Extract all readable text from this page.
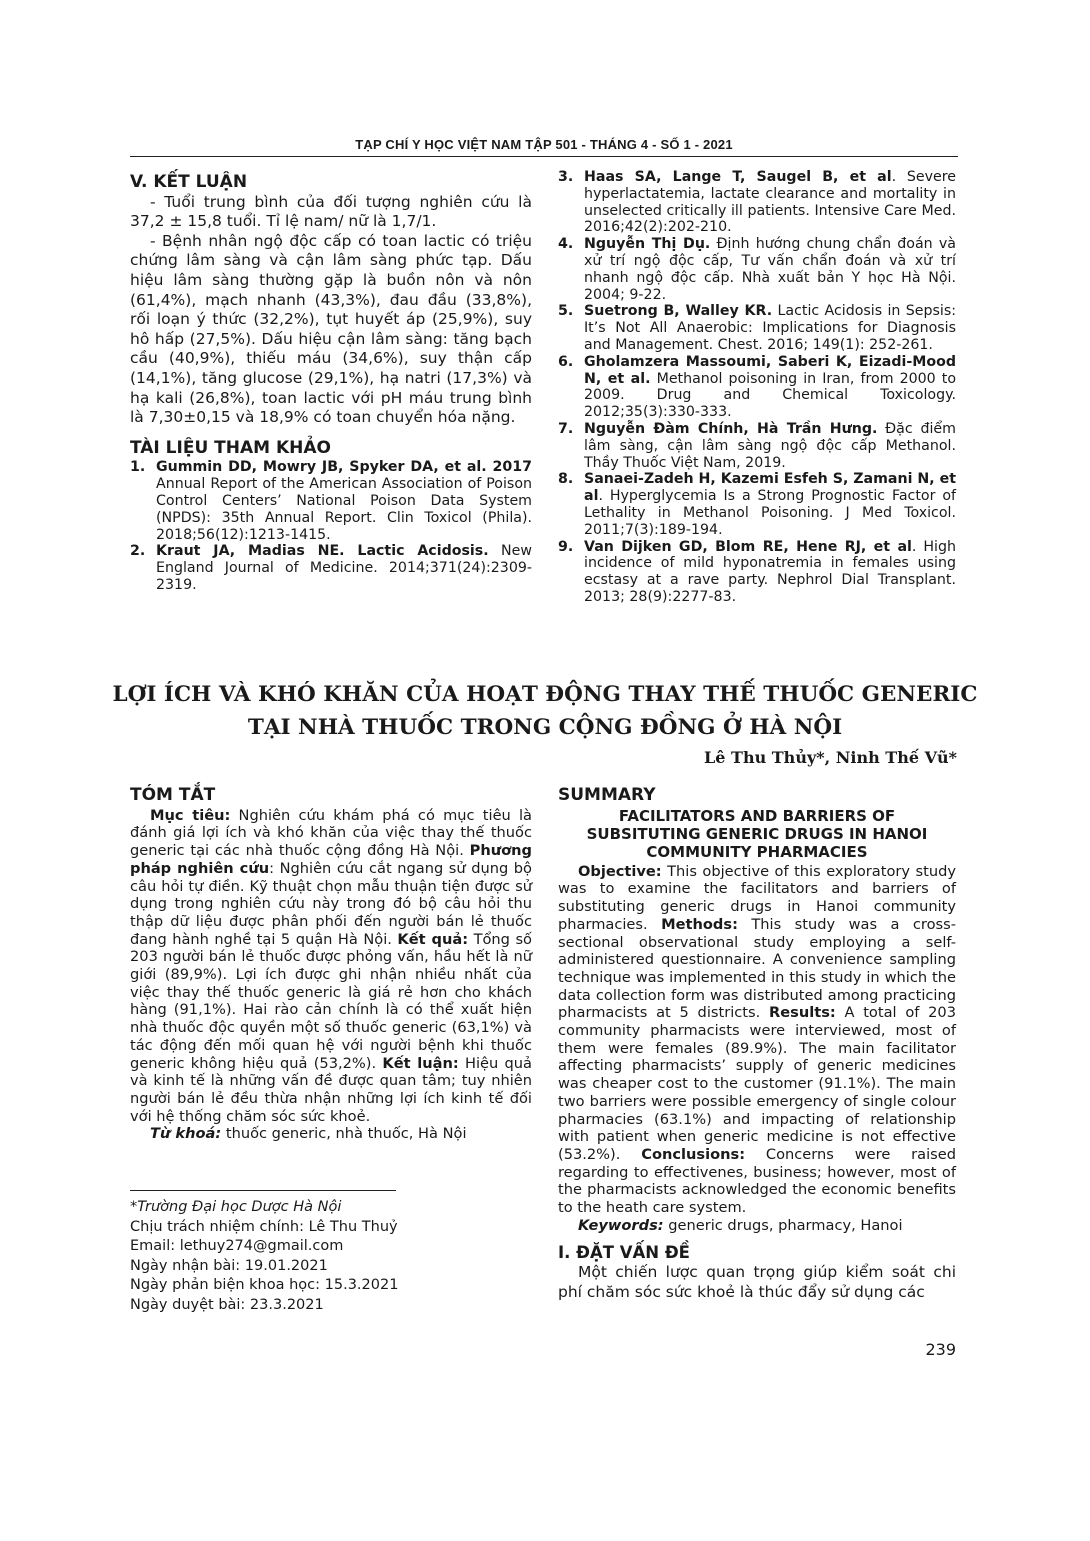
TẠP CHÍ Y HỌC VIỆT NAM TẬP 501 - THÁNG 4 - SỐ 1 - 2021
V. KẾT LUẬN

- Tuổi trung bình của đối tượng nghiên cứu là 37,2 ± 15,8 tuổi. Tỉ lệ nam/ nữ là 1,7/1.

- Bệnh nhân ngộ độc cấp có toan lactic có triệu chứng lâm sàng và cận lâm sàng phức tạp. Dấu hiệu lâm sàng thường gặp là buồn nôn và nôn (61,4%), mạch nhanh (43,3%), đau đầu (33,8%), rối loạn ý thức (32,2%), tụt huyết áp (25,9%), suy hô hấp (27,5%). Dấu hiệu cận lâm sàng: tăng bạch cầu (40,9%), thiếu máu (34,6%), suy thận cấp (14,1%), tăng glucose (29,1%), hạ natri (17,3%) và hạ kali (26,8%), toan lactic với pH máu trung bình là 7,30±0,15 và 18,9% có toan chuyển hóa nặng.

TÀI LIỆU THAM KHẢO
1. Gummin DD, Mowry JB, Spyker DA, et al. 2017 Annual Report of the American Association of Poison Control Centers’ National Poison Data System (NPDS): 35th Annual Report. Clin Toxicol (Phila). 2018;56(12):1213-1415.
2. Kraut JA, Madias NE. Lactic Acidosis. New England Journal of Medicine. 2014;371(24):2309-2319.
3. Haas SA, Lange T, Saugel B, et al. Severe hyperlactatemia, lactate clearance and mortality in unselected critically ill patients. Intensive Care Med. 2016;42(2):202-210.
4. Nguyễn Thị Dụ. Định hướng chung chẩn đoán và xử trí ngộ độc cấp, Tư vấn chẩn đoán và xử trí nhanh ngộ độc cấp. Nhà xuất bản Y học Hà Nội. 2004; 9-22.
5. Suetrong B, Walley KR. Lactic Acidosis in Sepsis: It’s Not All Anaerobic: Implications for Diagnosis and Management. Chest. 2016; 149(1): 252-261.
6. Gholamzera Massoumi, Saberi K, Eizadi-Mood N, et al. Methanol poisoning in Iran, from 2000 to 2009. Drug and Chemical Toxicology. 2012;35(3):330-333.
7. Nguyễn Đàm Chính, Hà Trần Hưng. Đặc điểm lâm sàng, cận lâm sàng ngộ độc cấp Methanol. Thầy Thuốc Việt Nam, 2019.
8. Sanaei-Zadeh H, Kazemi Esfeh S, Zamani N, et al. Hyperglycemia Is a Strong Prognostic Factor of Lethality in Methanol Poisoning. J Med Toxicol. 2011;7(3):189-194.
9. Van Dijken GD, Blom RE, Hene RJ, et al. High incidence of mild hyponatremia in females using ecstasy at a rave party. Nephrol Dial Transplant. 2013; 28(9):2277-83.
LỢI ÍCH VÀ KHÓ KHĂN CỦA HOẠT ĐỘNG THAY THẾ THUỐC GENERIC
TẠI NHÀ THUỐC TRONG CỘNG ĐỒNG Ở HÀ NỘI
Lê Thu Thủy*, Ninh Thế Vũ*
TÓM TẮT

Mục tiêu: Nghiên cứu khám phá có mục tiêu là đánh giá lợi ích và khó khăn của việc thay thế thuốc generic tại các nhà thuốc cộng đồng Hà Nội. Phương pháp nghiên cứu: Nghiên cứu cắt ngang sử dụng bộ câu hỏi tự điền. Kỹ thuật chọn mẫu thuận tiện được sử dụng trong nghiên cứu này trong đó bộ câu hỏi thu thập dữ liệu được phân phối đến người bán lẻ thuốc đang hành nghề tại 5 quận Hà Nội. Kết quả: Tổng số 203 người bán lẻ thuốc được phỏng vấn, hầu hết là nữ giới (89,9%). Lợi ích được ghi nhận nhiều nhất của việc thay thế thuốc generic là giá rẻ hơn cho khách hàng (91,1%). Hai rào cản chính là có thể xuất hiện nhà thuốc độc quyền một số thuốc generic (63,1%) và tác động đến mối quan hệ với người bệnh khi thuốc generic không hiệu quả (53,2%). Kết luận: Hiệu quả và kinh tế là những vấn đề được quan tâm; tuy nhiên người bán lẻ đều thừa nhận những lợi ích kinh tế đối với hệ thống chăm sóc sức khoẻ.

Từ khoá: thuốc generic, nhà thuốc, Hà Nội

SUMMARY
FACILITATORS AND BARRIERS OF
SUBSITUTING GENERIC DRUGS IN HANOI
COMMUNITY PHARMACIES

Objective: This objective of this exploratory study was to examine the facilitators and barriers of substituting generic drugs in Hanoi community pharmacies. Methods: This study was a cross-sectional observational study employing a self-administered questionnaire. A convenience sampling technique was implemented in this study in which the data collection form was distributed among practicing pharmacists at 5 districts. Results: A total of 203 community pharmacists were interviewed, most of them were females (89.9%). The main facilitator affecting pharmacists’ supply of generic medicines was cheaper cost to the customer (91.1%). The main two barriers were possible emergency of single colour pharmacies (63.1%) and impacting of relationship with patient when generic medicine is not effective (53.2%). Conclusions: Concerns were raised regarding to effectivenes, business; however, most of the pharmacists acknowledged the economic benefits to the heath care system.

Keywords: generic drugs, pharmacy, Hanoi

I. ĐẶT VẤN ĐỀ

Một chiến lược quan trọng giúp kiểm soát chi phí chăm sóc sức khoẻ là thúc đẩy sử dụng các

*Trường Đại học Dược Hà Nội
Chịu trách nhiệm chính: Lê Thu Thuỷ
Email: lethuy274@gmail.com
Ngày nhận bài: 19.01.2021
Ngày phản biện khoa học: 15.3.2021
Ngày duyệt bài: 23.3.2021
239
